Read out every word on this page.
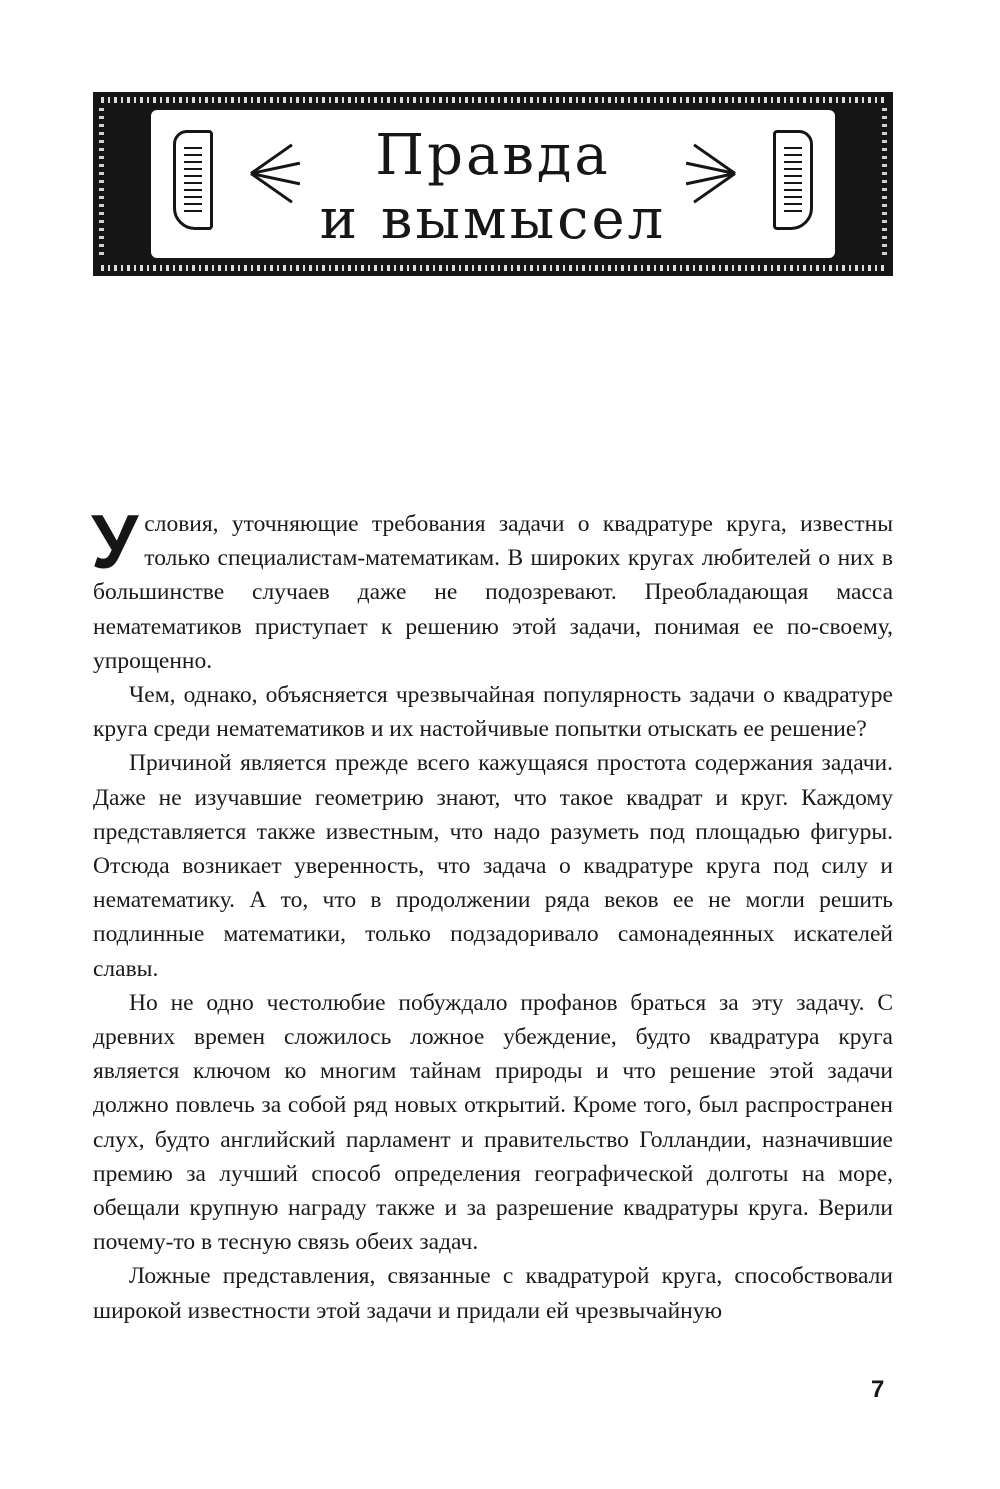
Правда
и вымысел

Условия, уточняющие требования задачи о квадратуре круга, известны только специалистам-математикам. В широких кругах любителей о них в большинстве случаев даже не подозревают. Преобладающая масса нематематиков приступает к решению этой задачи, понимая ее по-своему, упрощенно.

Чем, однако, объясняется чрезвычайная популярность задачи о квадратуре круга среди нематематиков и их настойчивые попытки отыскать ее решение?

Причиной является прежде всего кажущаяся простота содержания задачи. Даже не изучавшие геометрию знают, что такое квадрат и круг. Каждому представляется также известным, что надо разуметь под площадью фигуры. Отсюда возникает уверенность, что задача о квадратуре круга под силу и нематематику. А то, что в продолжении ряда веков ее не могли решить подлинные математики, только подзадоривало самонадеянных искателей славы.

Но не одно честолюбие побуждало профанов браться за эту задачу. С древних времен сложилось ложное убеждение, будто квадратура круга является ключом ко многим тайнам природы и что решение этой задачи должно повлечь за собой ряд новых открытий. Кроме того, был распространен слух, будто английский парламент и правительство Голландии, назначившие премию за лучший способ определения географической долготы на море, обещали крупную награду также и за разрешение квадратуры круга. Верили почему-то в тесную связь обеих задач.

Ложные представления, связанные с квадратурой круга, способствовали широкой известности этой задачи и придали ей чрезвычайную

7
